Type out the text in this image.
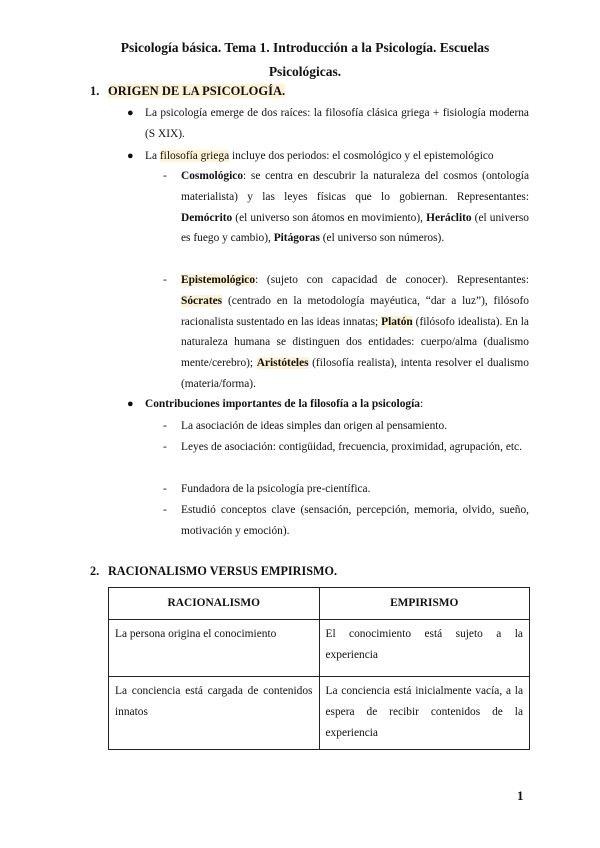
Psicología básica. Tema 1. Introducción a la Psicología. Escuelas
Psicológicas.
1. ORIGEN DE LA PSICOLOGÍA.
● La psicología emerge de dos raíces: la filosofía clásica griega + fisiología moderna (S XIX).
● La filosofía griega incluye dos periodos: el cosmológico y el epistemológico
- Cosmológico: se centra en descubrir la naturaleza del cosmos (ontología materialista) y las leyes físicas que lo gobiernan. Representantes: Demócrito (el universo son átomos en movimiento), Heráclito (el universo es fuego y cambio), Pitágoras (el universo son números).
- Epistemológico: (sujeto con capacidad de conocer). Representantes: Sócrates (centrado en la metodología mayéutica, “dar a luz”), filósofo racionalista sustentado en las ideas innatas; Platón (filósofo idealista). En la naturaleza humana se distinguen dos entidades: cuerpo/alma (dualismo mente/cerebro); Aristóteles (filosofía realista), intenta resolver el dualismo (materia/forma).
● Contribuciones importantes de la filosofía a la psicología:
- La asociación de ideas simples dan origen al pensamiento.
- Leyes de asociación: contigüidad, frecuencia, proximidad, agrupación, etc.
- Fundadora de la psicología pre-científica.
- Estudió conceptos clave (sensación, percepción, memoria, olvido, sueño, motivación y emoción).
2. RACIONALISMO VERSUS EMPIRISMO.
RACIONALISMO	EMPIRISMO
La persona origina el conocimiento	El conocimiento está sujeto a la experiencia
La conciencia está cargada de contenidos innatos	La conciencia está inicialmente vacía, a la espera de recibir contenidos de la experiencia
1
